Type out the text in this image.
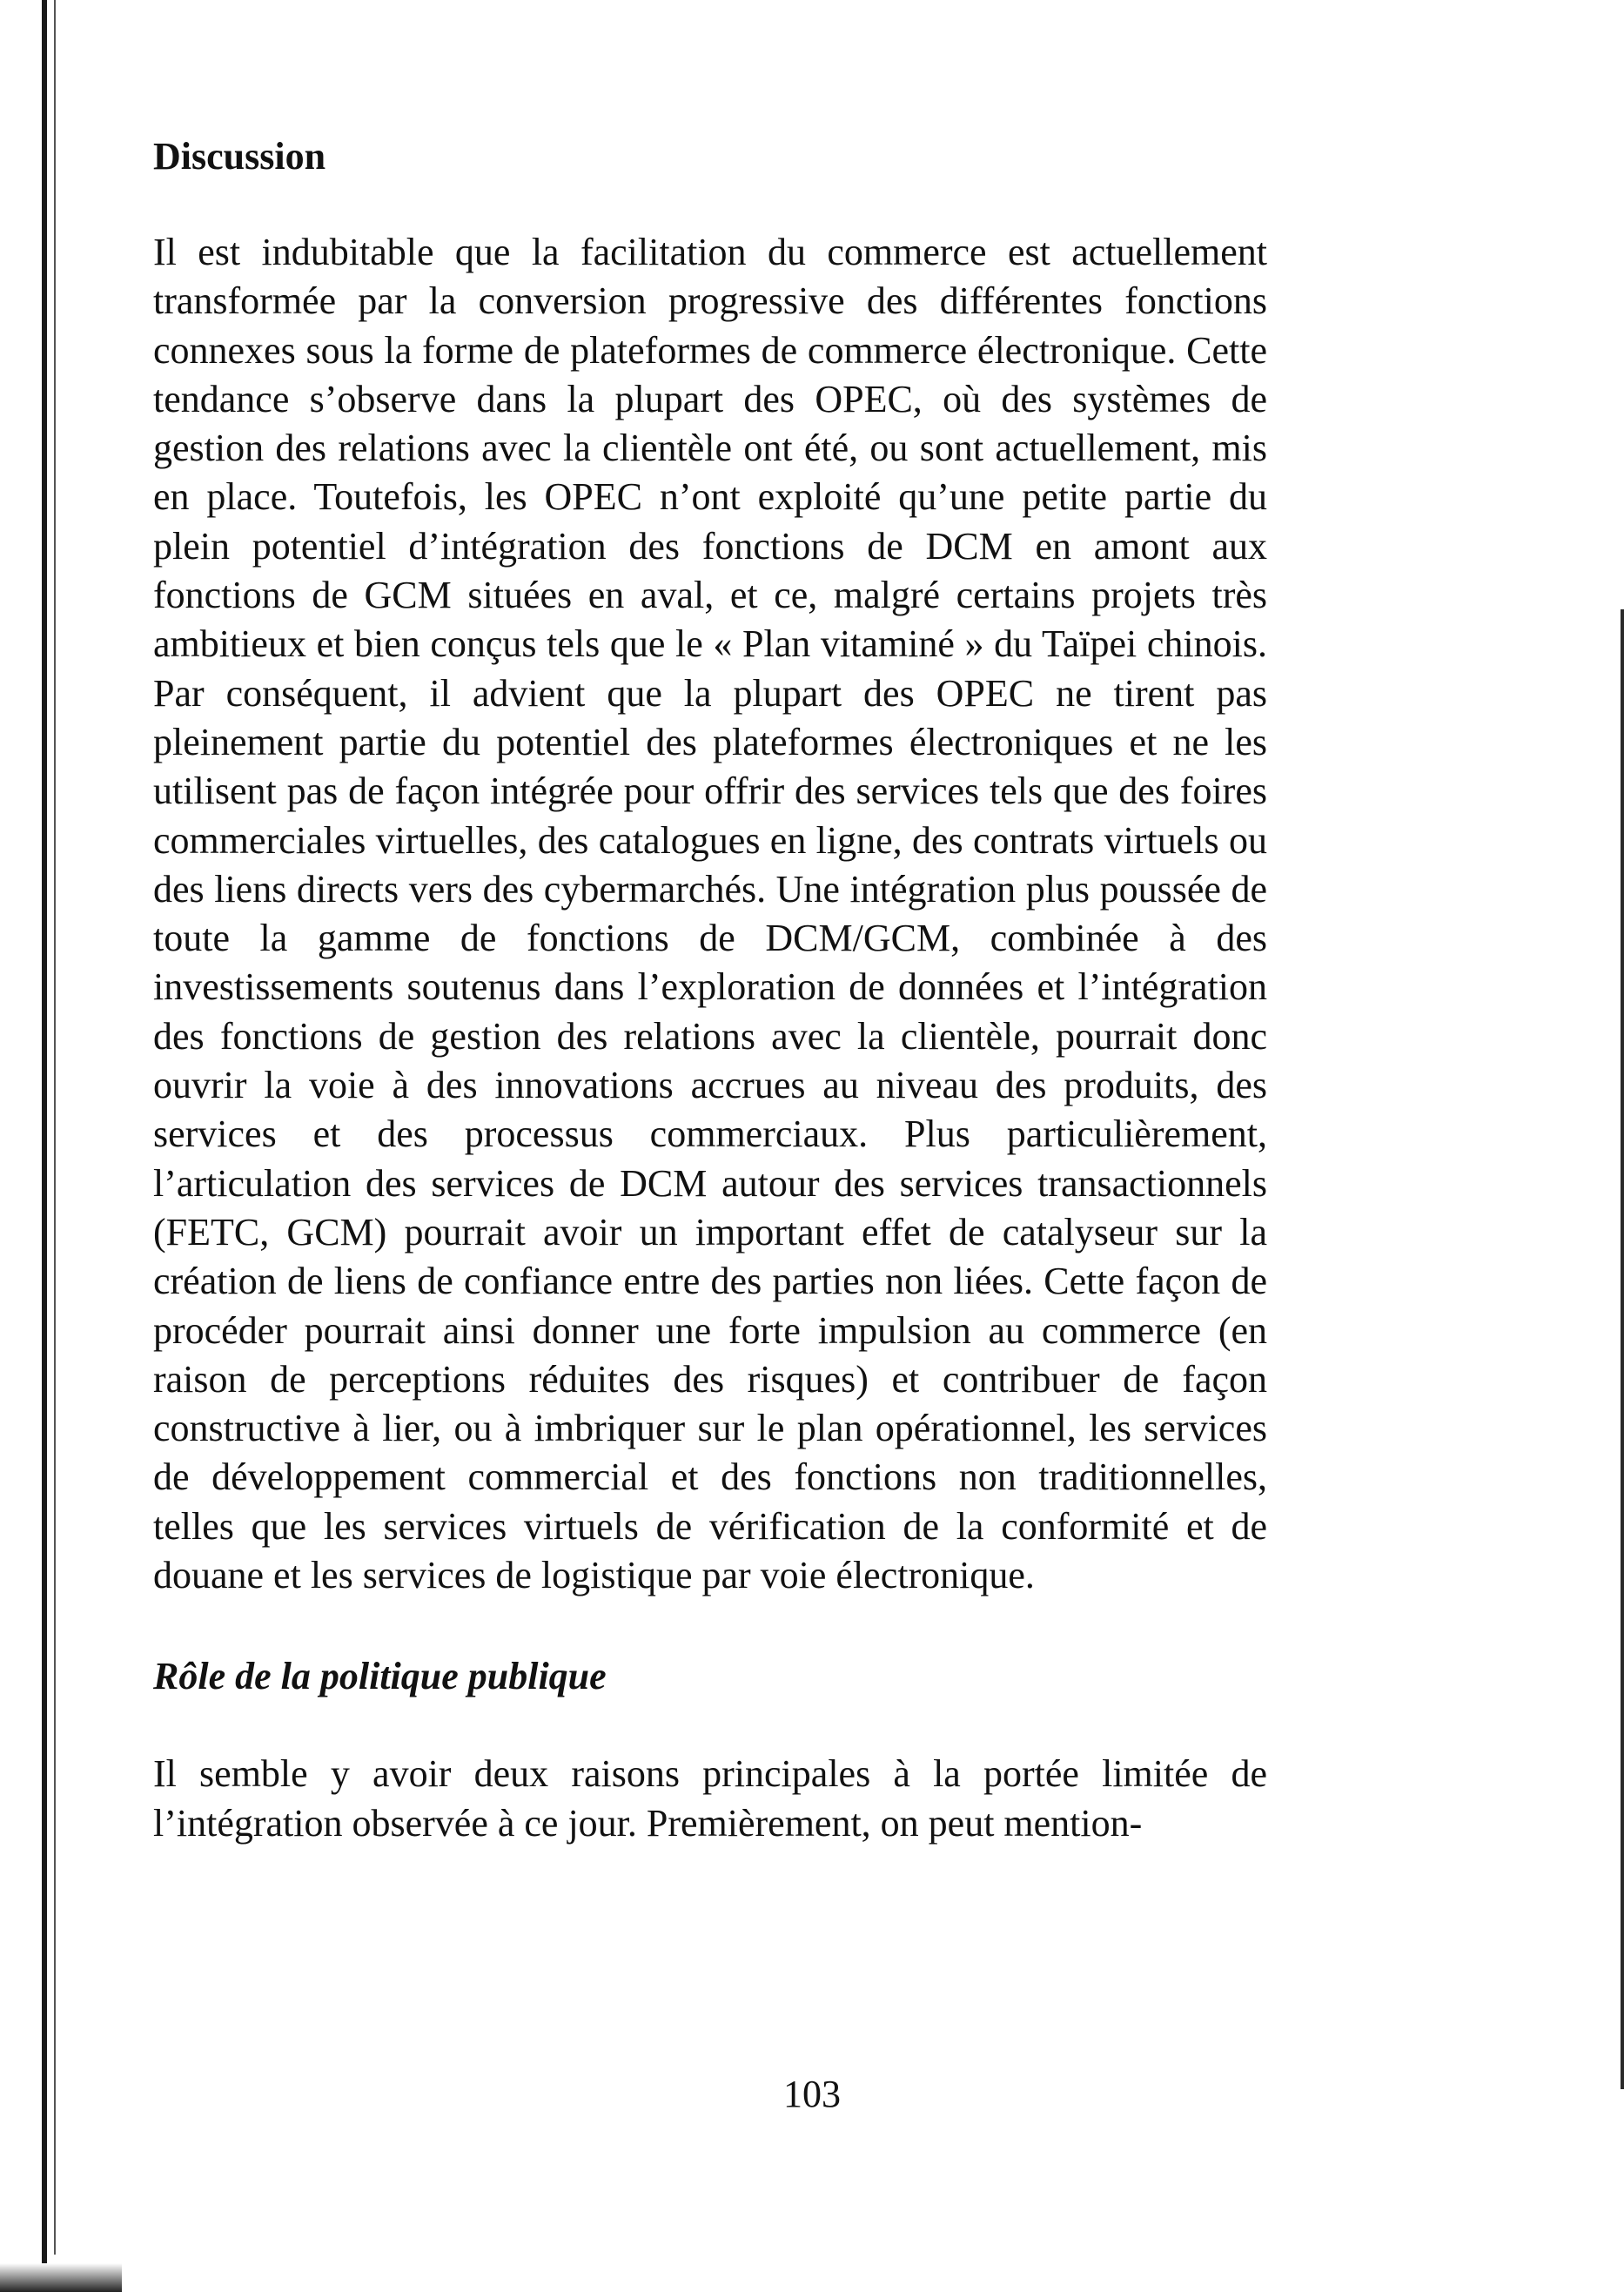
Discussion

Il est indubitable que la facilitation du commerce est actuellement transformée par la conversion progressive des différentes fonctions connexes sous la forme de plateformes de commerce électronique. Cette tendance s’observe dans la plupart des OPEC, où des systèmes de gestion des relations avec la clientèle ont été, ou sont actuellement, mis en place. Toutefois, les OPEC n’ont exploité qu’une petite partie du plein potentiel d’intégration des fonctions de DCM en amont aux fonctions de GCM situées en aval, et ce, malgré certains projets très ambitieux et bien conçus tels que le « Plan vitaminé » du Taïpei chinois. Par conséquent, il advient que la plupart des OPEC ne tirent pas pleinement partie du potentiel des plateformes électroniques et ne les utilisent pas de façon intégrée pour offrir des services tels que des foires commerciales virtuelles, des catalogues en ligne, des contrats virtuels ou des liens directs vers des cybermarchés. Une intégration plus poussée de toute la gamme de fonctions de DCM/GCM, combinée à des investissements soutenus dans l’exploration de données et l’intégration des fonctions de gestion des relations avec la clientèle, pourrait donc ouvrir la voie à des innovations accrues au niveau des produits, des services et des processus commerciaux. Plus particulièrement, l’articulation des services de DCM autour des services transactionnels (FETC, GCM) pourrait avoir un important effet de catalyseur sur la création de liens de confiance entre des parties non liées. Cette façon de procéder pourrait ainsi donner une forte impulsion au commerce (en raison de perceptions réduites des risques) et contribuer de façon constructive à lier, ou à imbriquer sur le plan opérationnel, les services de développement commercial et des fonctions non traditionnelles, telles que les services virtuels de vérification de la conformité et de douane et les services de logistique par voie électronique.

Rôle de la politique publique

Il semble y avoir deux raisons principales à la portée limitée de l’intégration observée à ce jour. Premièrement, on peut mention-

103
